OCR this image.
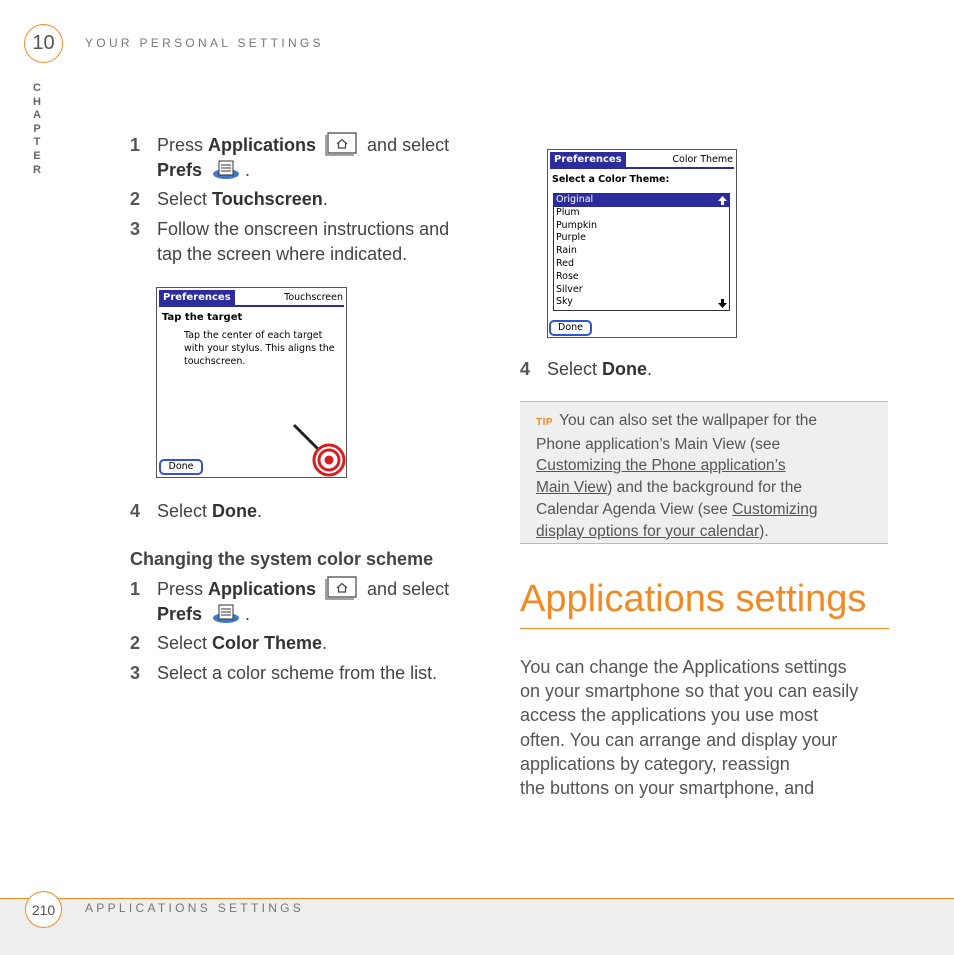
10	YOUR PERSONAL SETTINGS
C
H
A
P
T
E
R
1 Press Applications	and select
Prefs .
2 Select Touchscreen.
3 Follow the onscreen instructions and
tap the screen where indicated.
Preferences	Touchscreen
Tap the target
Tap the center of each target
with your stylus. This aligns the
touchscreen.
Done
4 Select Done.
Changing the system color scheme
1 Press Applications	and select
Prefs .
2 Select Color Theme.
3 Select a color scheme from the list.
Preferences	Color Theme
Select a Color Theme:
Original
Plum
Pumpkin
Purple
Rain
Red
Rose
Silver
Sky
Done
4 Select Done.
TIP You can also set the wallpaper for the
Phone application’s Main View (see
Customizing the Phone application’s
Main View) and the background for the
Calendar Agenda View (see Customizing
display options for your calendar).
Applications settings
You can change the Applications settings
on your smartphone so that you can easily
access the applications you use most
often. You can arrange and display your
applications by category, reassign
the buttons on your smartphone, and
210 APPLICATIONS SETTINGS
